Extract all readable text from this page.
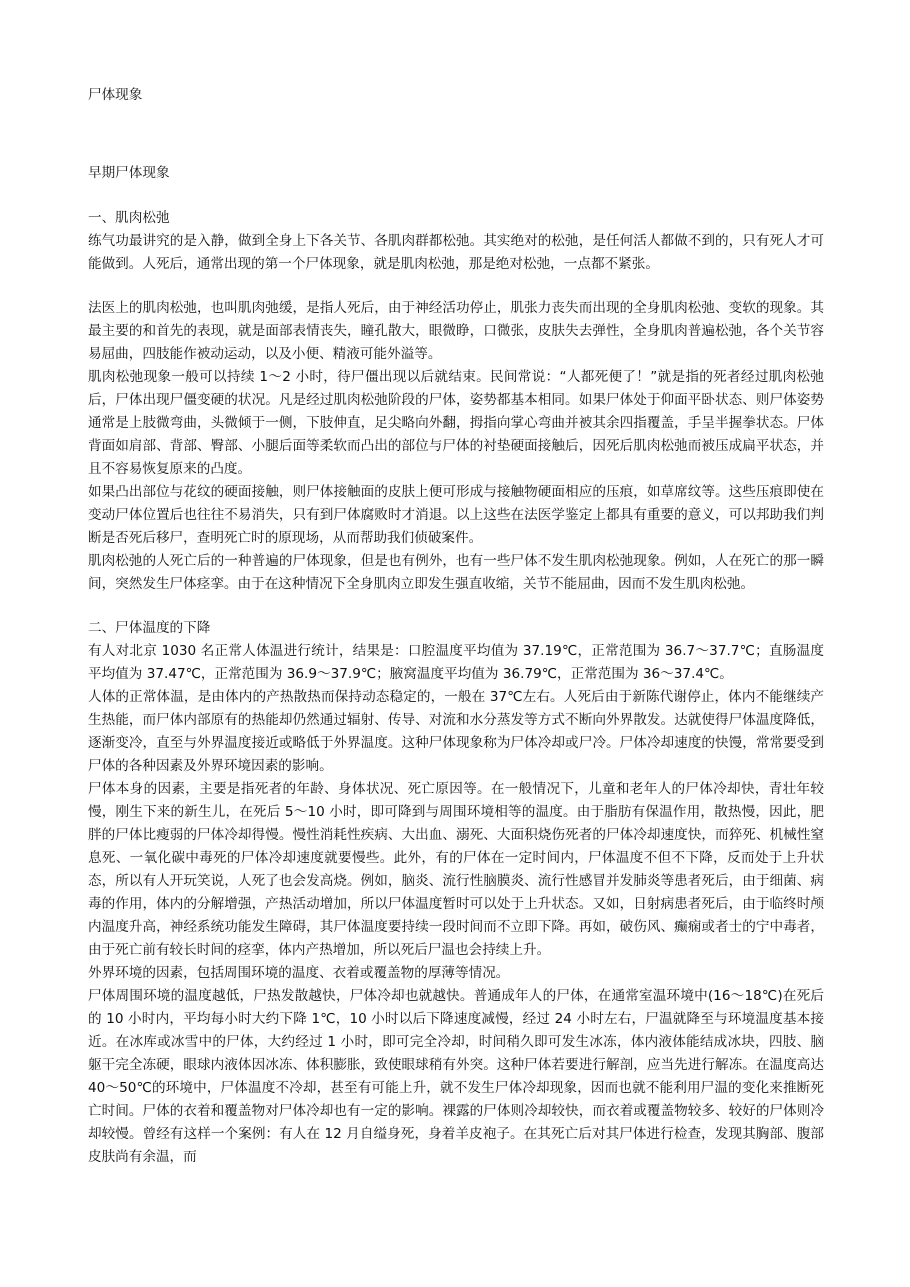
尸体现象

早期尸体现象

一、肌肉松弛

练气功最讲究的是入静，做到全身上下各关节、各肌肉群都松弛。其实绝对的松弛，是任何活人都做不到的，只有死人才可能做到。人死后，通常出现的第一个尸体现象，就是肌肉松弛，那是绝对松弛，一点都不紧张。

法医上的肌肉松弛，也叫肌肉弛缓，是指人死后，由于神经活功停止，肌张力丧失而出现的全身肌肉松弛、变软的现象。其最主要的和首先的表现，就是面部表情丧失，瞳孔散大，眼微睁，口微张，皮肤失去弹性，全身肌肉普遍松弛，各个关节容易屈曲，四肢能作被动运动，以及小便、精液可能外溢等。

肌肉松弛现象一般可以持续 1～2 小时，待尸僵出现以后就结束。民间常说：“人都死便了！”就是指的死者经过肌肉松弛后，尸体出现尸僵变硬的状况。凡是经过肌肉松弛阶段的尸体，姿势都基本相同。如果尸体处于仰面平卧状态、则尸体姿势通常是上肢微弯曲，头微倾于一侧，下肢伸直，足尖略向外翻，拇指向掌心弯曲并被其余四指覆盖，手呈半握拳状态。尸体背面如肩部、背部、臀部、小腿后面等柔软而凸出的部位与尸体的衬垫硬面接触后，因死后肌肉松弛而被压成扁平状态，并且不容易恢复原来的凸度。

如果凸出部位与花纹的硬面接触，则尸体接触面的皮肤上便可形成与接触物硬面相应的压痕，如草席纹等。这些压痕即使在变动尸体位置后也往往不易消失，只有到尸体腐败时才消退。以上这些在法医学鉴定上都具有重要的意义，可以邦助我们判断是否死后移尸，查明死亡时的原现场，从而帮助我们侦破案件。

肌肉松弛的人死亡后的一种普遍的尸体现象，但是也有例外，也有一些尸体不发生肌肉松弛现象。例如，人在死亡的那一瞬间，突然发生尸体痉挛。由于在这种情况下全身肌肉立即发生强直收缩，关节不能屈曲，因而不发生肌肉松弛。

二、尸体温度的下降

有人对北京 1030 名正常人体温进行统计，结果是：口腔温度平均值为 37.19℃，正常范围为 36.7～37.7℃；直肠温度平均值为 37.47℃，正常范围为 36.9～37.9℃；腋窝温度平均值为 36.79℃，正常范围为 36～37.4℃。

人体的正常体温，是由体内的产热散热而保持动态稳定的，一般在 37℃左右。人死后由于新陈代谢停止，体内不能继续产生热能，而尸体内部原有的热能却仍然通过辐射、传导、对流和水分蒸发等方式不断向外界散发。达就使得尸体温度降低，逐渐变冷，直至与外界温度接近或略低于外界温度。这种尸体现象称为尸体冷却或尸冷。尸体冷却速度的快馒，常常要受到尸体的各种因素及外界环境因素的影响。

尸体本身的因素，主要是指死者的年龄、身体状况、死亡原因等。在一般情况下，儿童和老年人的尸体冷却快，青壮年较慢，刚生下来的新生儿，在死后 5～10 小时，即可降到与周围环境相等的温度。由于脂肪有保温作用，散热慢，因此，肥胖的尸体比瘦弱的尸体冷却得慢。慢性消耗性疾病、大出血、溺死、大面积烧伤死者的尸体冷却速度快，而猝死、机械性窒息死、一氧化碳中毒死的尸体冷却速度就要慢些。此外，有的尸体在一定时间内，尸体温度不但不下降，反而处于上升状态，所以有人开玩笑说，人死了也会发高烧。例如，脑炎、流行性脑膜炎、流行性感冒并发肺炎等患者死后，由于细菌、病毒的作用，体内的分解增强，产热活动增加，所以尸体温度暂时可以处于上升状态。又如，日射病患者死后，由于临终时颅内温度升高，神经系统功能发生障碍，其尸体温度要持续一段时间而不立即下降。再如，破伤风、癫痫或者士的宁中毒者，由于死亡前有较长时间的痉挛，体内产热增加，所以死后尸温也会持续上升。

外界环境的因素，包括周围环境的温度、衣着或覆盖物的厚薄等情况。

尸体周围环境的温度越低，尸热发散越快，尸体冷却也就越快。普通成年人的尸体，在通常室温环境中(16～18℃)在死后的 10 小时内，平均每小时大约下降 1℃，10 小时以后下降速度减慢，经过 24 小时左右，尸温就降至与环境温度基本接近。在冰库或冰雪中的尸体，大约经过 1 小时，即可完全冷却，时间稍久即可发生冰冻，体内液体能结成冰块，四肢、脑躯干完全冻硬，眼球内液体因冰冻、体积膨胀，致使眼球稍有外突。这种尸体若要进行解剖，应当先进行解冻。在温度高达 40～50℃的环境中，尸体温度不冷却，甚至有可能上升，就不发生尸体冷却现象，因而也就不能利用尸温的变化来推断死亡时间。尸体的衣着和覆盖物对尸体冷却也有一定的影响。裸露的尸体则冷却较快，而衣着或覆盖物较多、较好的尸体则冷却较慢。曾经有这样一个案例：有人在 12 月自缢身死，身着羊皮袍子。在其死亡后对其尸体进行检查，发现其胸部、腹部皮肤尚有余温，而
